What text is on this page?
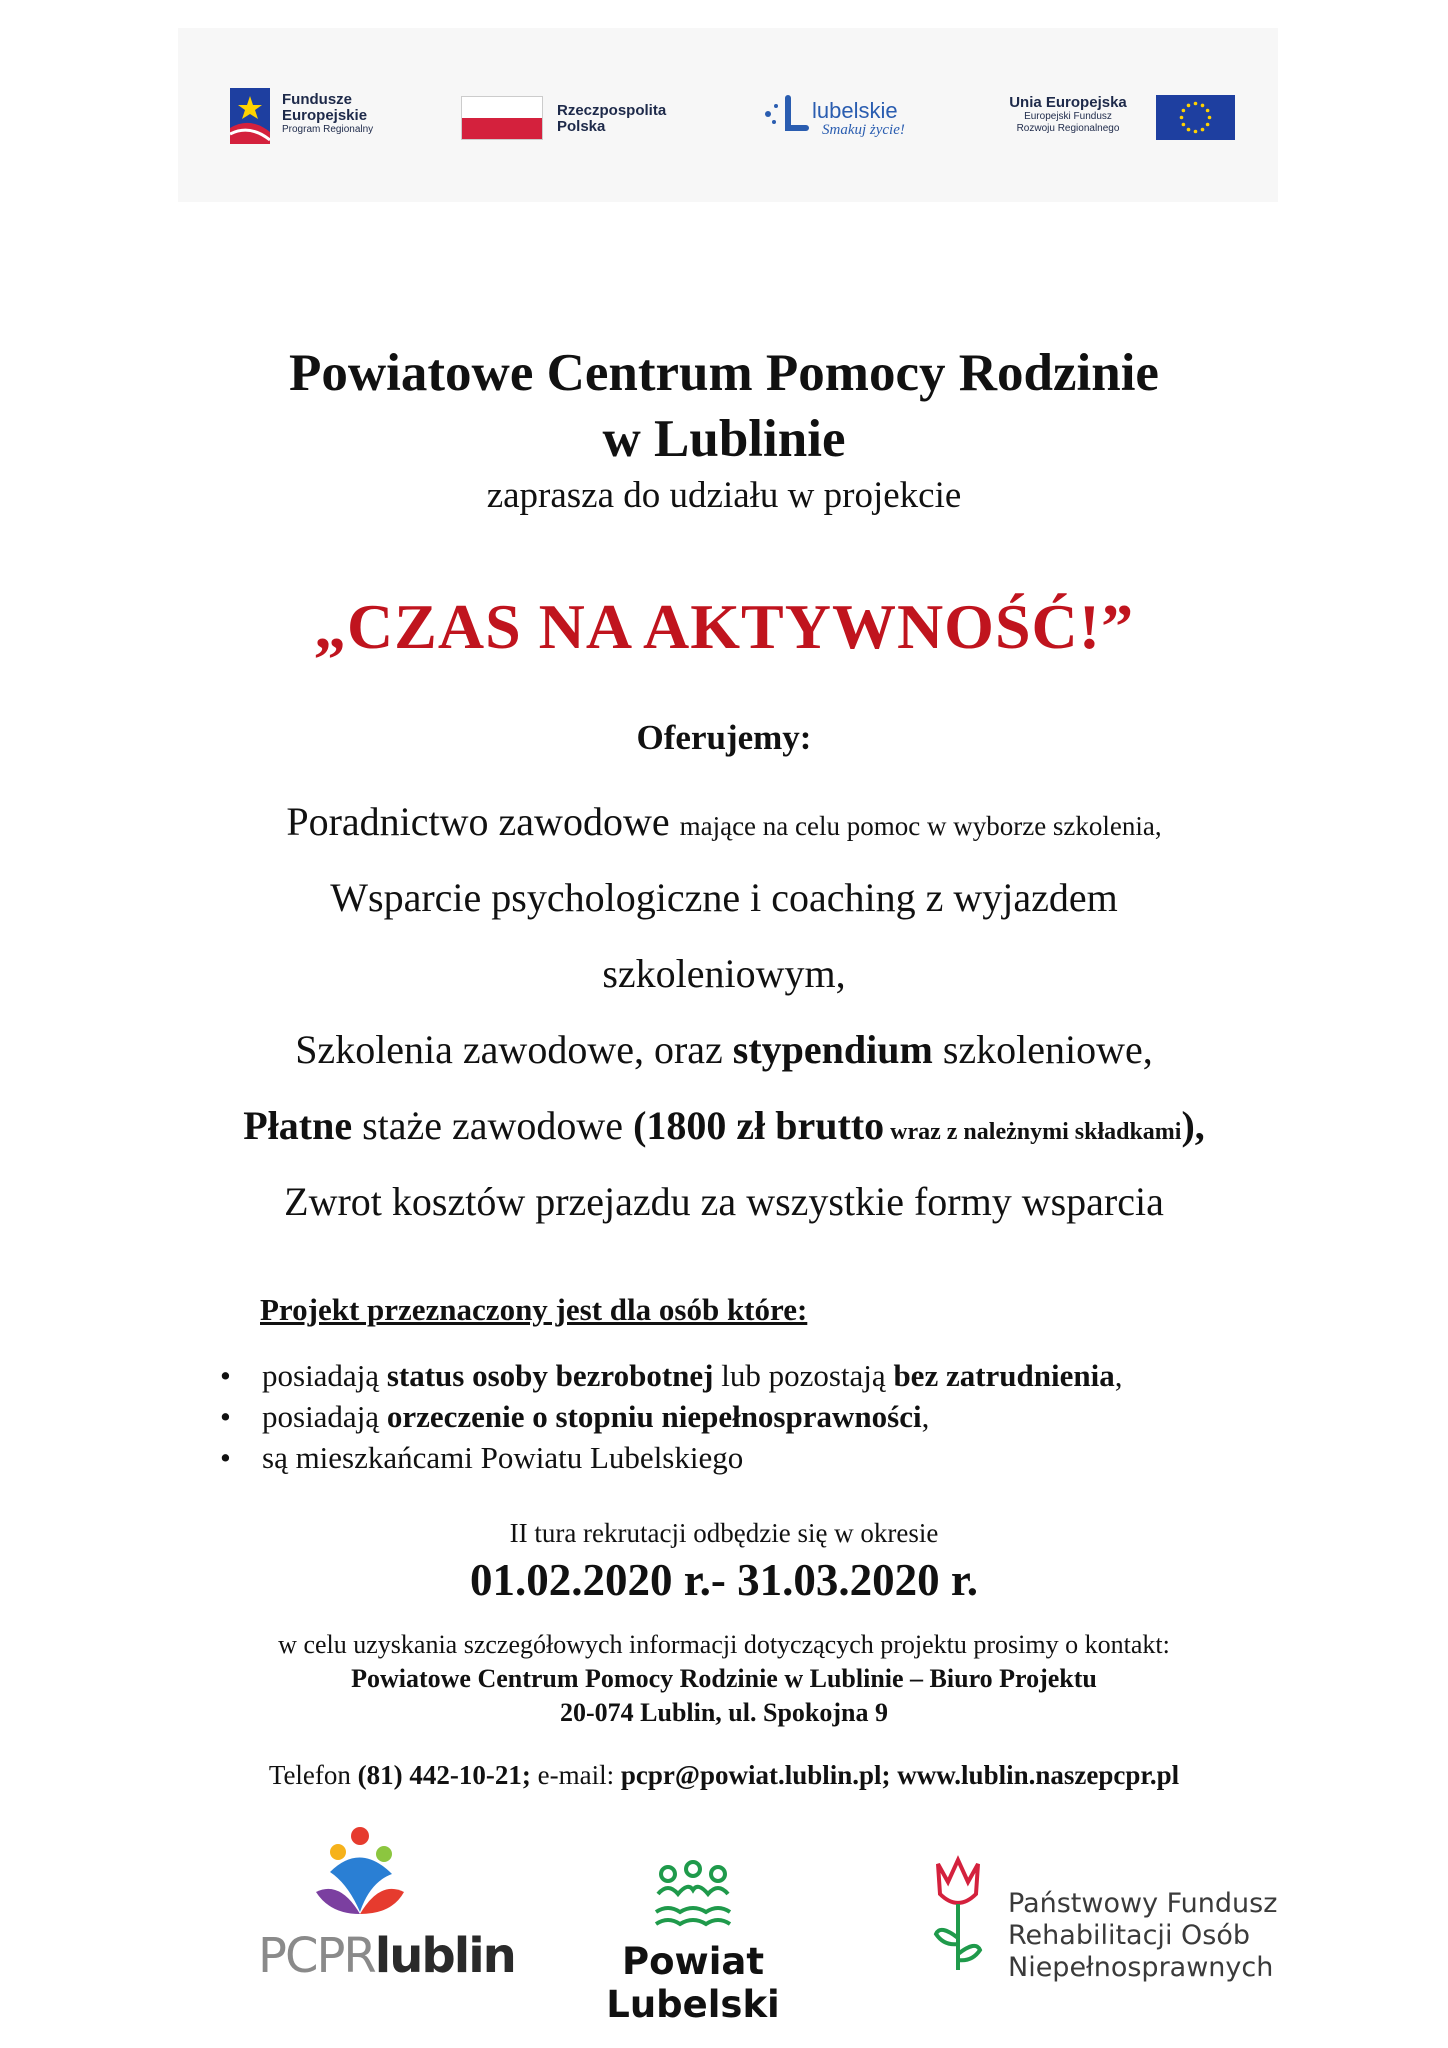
Fundusze
Europejskie
Program Regionalny
Rzeczpospolita
Polska
lubelskie
Smakuj życie!
Unia Europejska
Europejski Fundusz
Rozwoju Regionalnego
Powiatowe Centrum Pomocy Rodzinie
w Lublinie
zaprasza do udziału w projekcie
„CZAS NA AKTYWNOŚĆ!”
Oferujemy:
Poradnictwo zawodowe mające na celu pomoc w wyborze szkolenia,
Wsparcie psychologiczne i coaching z wyjazdem
szkoleniowym,
Szkolenia zawodowe, oraz stypendium szkoleniowe,
Płatne staże zawodowe (1800 zł brutto wraz z należnymi składkami),
Zwrot kosztów przejazdu za wszystkie formy wsparcia
Projekt przeznaczony jest dla osób które:
• posiadają status osoby bezrobotnej lub pozostają bez zatrudnienia,
• posiadają orzeczenie o stopniu niepełnosprawności,
• są mieszkańcami Powiatu Lubelskiego
II tura rekrutacji odbędzie się w okresie
01.02.2020 r.- 31.03.2020 r.
w celu uzyskania szczegółowych informacji dotyczących projektu prosimy o kontakt:
Powiatowe Centrum Pomocy Rodzinie w Lublinie – Biuro Projektu
20-074 Lublin, ul. Spokojna 9
Telefon (81) 442-10-21; e-mail: pcpr@powiat.lublin.pl; www.lublin.naszepcpr.pl
PCPRlublin	Powiat Lubelski
Państwowy Fundusz
Rehabilitacji Osób
Niepełnosprawnych
